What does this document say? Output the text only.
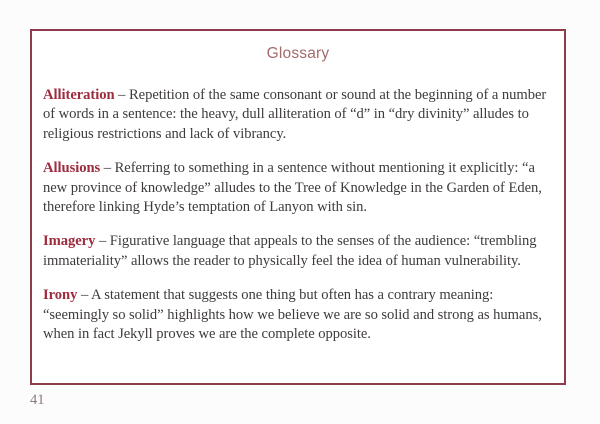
Glossary

Alliteration – Repetition of the same consonant or sound at the beginning of a number of words in a sentence: the heavy, dull alliteration of “d” in “dry divinity” alludes to religious restrictions and lack of vibrancy.

Allusions – Referring to something in a sentence without mentioning it explicitly: “a new province of knowledge” alludes to the Tree of Knowledge in the Garden of Eden, therefore linking Hyde’s temptation of Lanyon with sin.

Imagery – Figurative language that appeals to the senses of the audience: “trembling immateriality” allows the reader to physically feel the idea of human vulnerability.

Irony – A statement that suggests one thing but often has a contrary meaning: “seemingly so solid” highlights how we believe we are so solid and strong as humans, when in fact Jekyll proves we are the complete opposite.

41
